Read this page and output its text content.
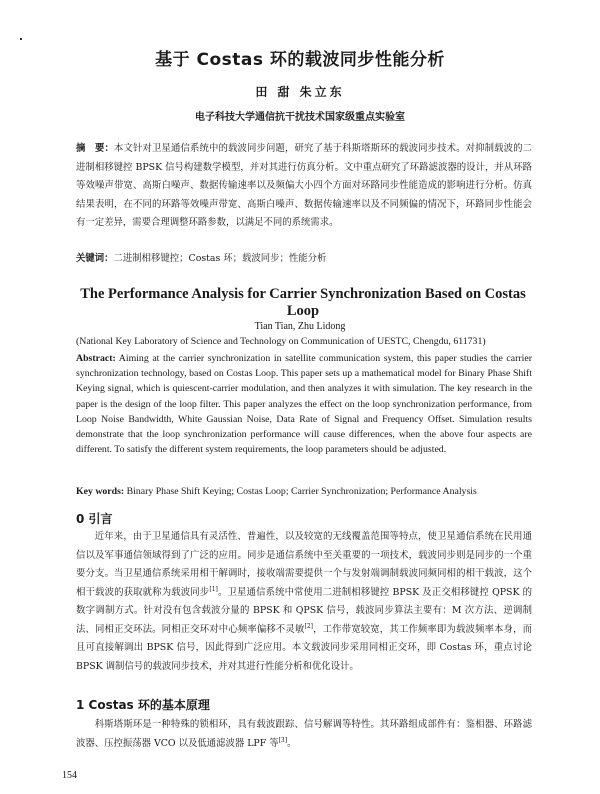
基于 Costas 环的载波同步性能分析
田 甜 朱立东
电子科技大学通信抗干扰技术国家级重点实验室
摘　要：本文针对卫星通信系统中的载波同步问题，研究了基于科斯塔斯环的载波同步技术。对抑制载波的二进制相移键控 BPSK 信号构建数学模型，并对其进行仿真分析。文中重点研究了环路滤波器的设计，并从环路等效噪声带宽、高斯白噪声、数据传输速率以及频偏大小四个方面对环路同步性能造成的影响进行分析。仿真结果表明，在不同的环路等效噪声带宽、高斯白噪声、数据传输速率以及不同频偏的情况下，环路同步性能会有一定差异，需要合理调整环路参数，以满足不同的系统需求。
关键词：二进制相移键控；Costas 环；载波同步；性能分析
The Performance Analysis for Carrier Synchronization Based on Costas Loop
Tian Tian, Zhu Lidong
(National Key Laboratory of Science and Technology on Communication of UESTC, Chengdu, 611731)
Abstract: Aiming at the carrier synchronization in satellite communication system, this paper studies the carrier synchronization technology, based on Costas Loop. This paper sets up a mathematical model for Binary Phase Shift Keying signal, which is quiescent-carrier modulation, and then analyzes it with simulation. The key research in the paper is the design of the loop filter. This paper analyzes the effect on the loop synchronization performance, from Loop Noise Bandwidth, White Gaussian Noise, Data Rate of Signal and Frequency Offset. Simulation results demonstrate that the loop synchronization performance will cause differences, when the above four aspects are different. To satisfy the different system requirements, the loop parameters should be adjusted.
Key words: Binary Phase Shift Keying; Costas Loop; Carrier Synchronization; Performance Analysis
0 引言
近年来，由于卫星通信具有灵活性、普遍性，以及较宽的无线覆盖范围等特点，使卫星通信系统在民用通信以及军事通信领域得到了广泛的应用。同步是通信系统中至关重要的一项技术，载波同步则是同步的一个重要分支。当卫星通信系统采用相干解调时，接收端需要提供一个与发射端调制载波同频同相的相干载波，这个相干载波的获取就称为载波同步[1]。卫星通信系统中常使用二进制相移键控 BPSK 及正交相移键控 QPSK 的数字调制方式。针对没有包含载波分量的 BPSK 和 QPSK 信号，载波同步算法主要有：M 次方法、逆调制法、同相正交环法。同相正交环对中心频率偏移不灵敏[2]，工作带宽较宽，其工作频率即为载波频率本身，而且可直接解调出 BPSK 信号，因此得到广泛应用。本文载波同步采用同相正交环，即 Costas 环，重点讨论 BPSK 调制信号的载波同步技术，并对其进行性能分析和优化设计。
1 Costas 环的基本原理
科斯塔斯环是一种特殊的锁相环，具有载波跟踪、信号解调等特性。其环路组成部件有：鉴相器、环路滤波器、压控振荡器 VCO 以及低通滤波器 LPF 等[3]。
154
